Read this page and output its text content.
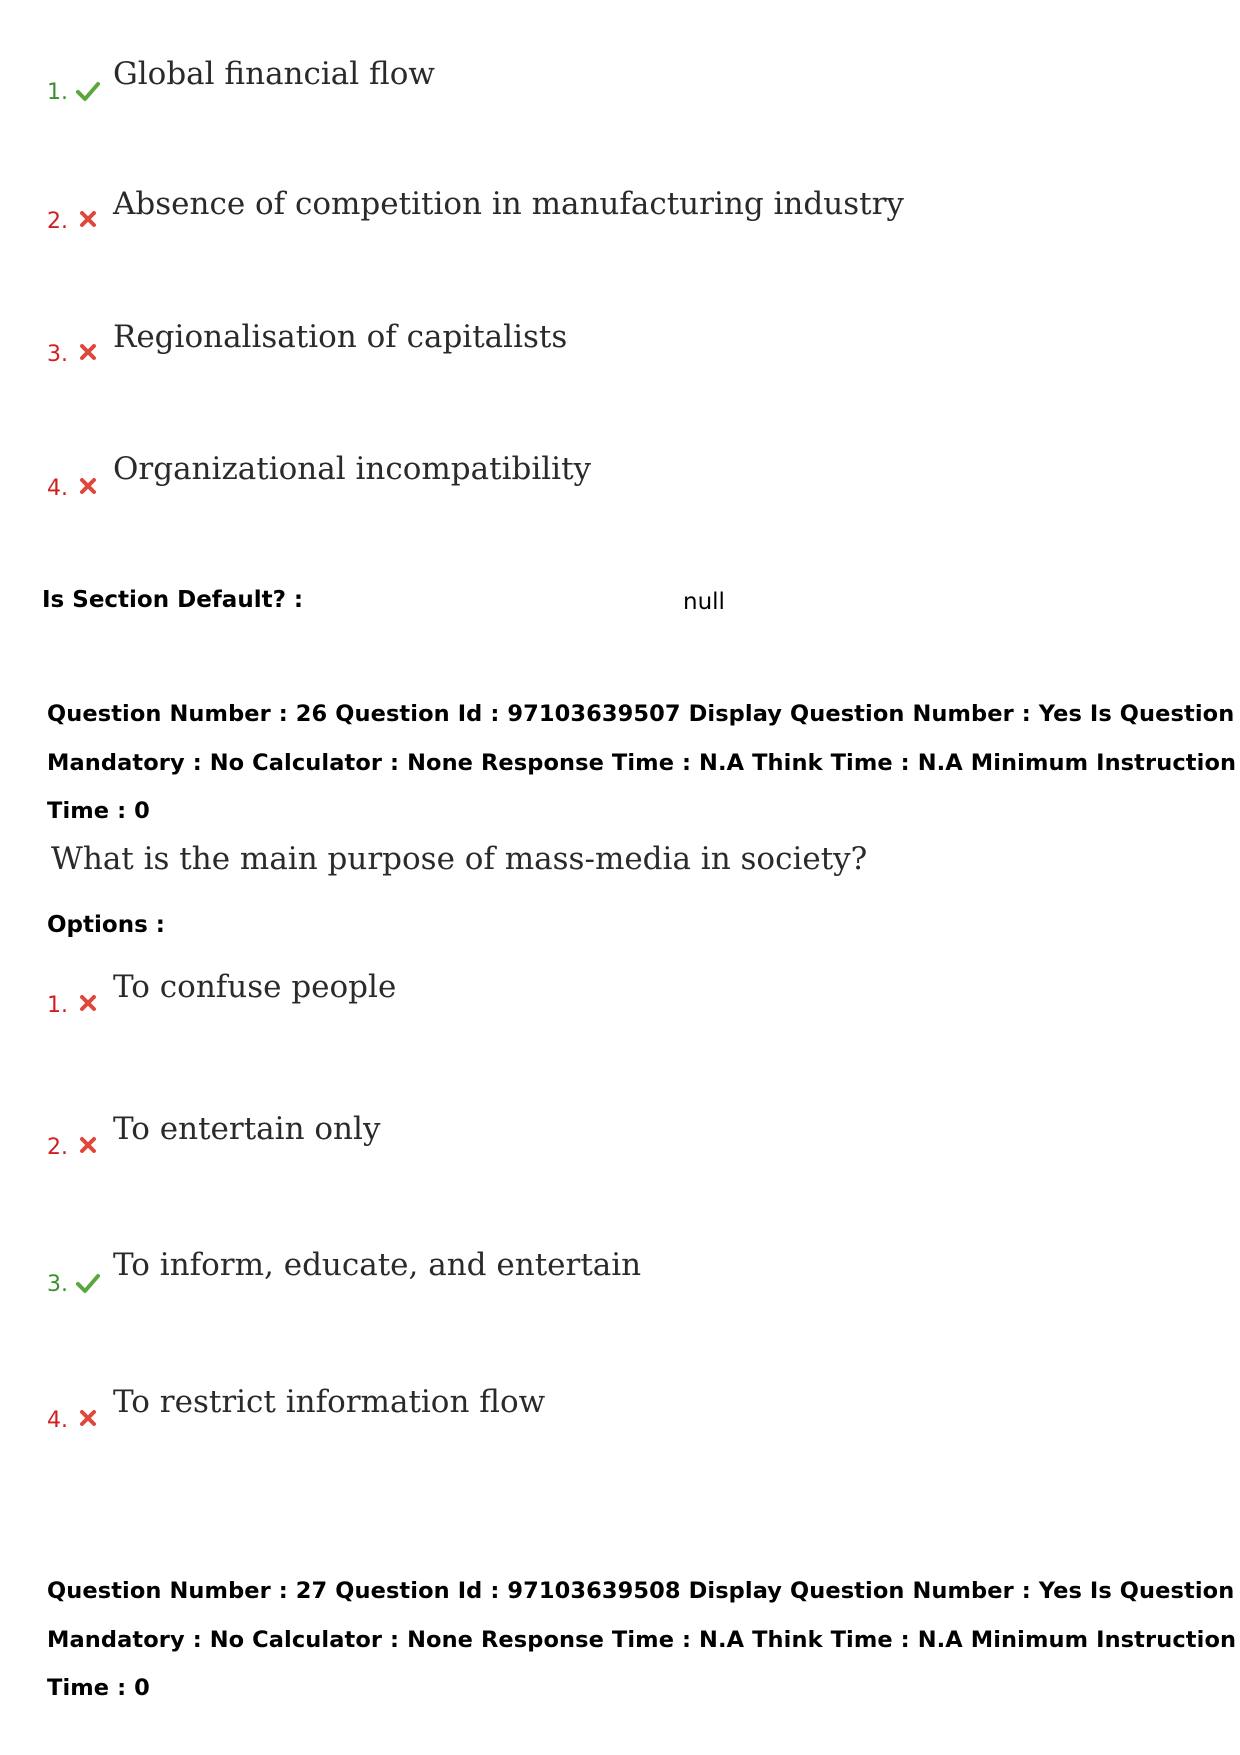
1.
Global financial flow
2. Absence of competition in manufacturing industry
3. Regionalisation of capitalists
4.
Organizational incompatibility
Is Section Default? :	null
Question Number : 26 Question Id : 97103639507 Display Question Number : Yes Is Question
Mandatory : No Calculator : None Response Time : N.A Think Time : N.A Minimum Instruction
Time : 0
What is the main purpose of mass-media in society?
Options :
1.
To confuse people
2.
To entertain only
3.
To inform, educate, and entertain
4.
To restrict information flow
Question Number : 27 Question Id : 97103639508 Display Question Number : Yes Is Question
Mandatory : No Calculator : None Response Time : N.A Think Time : N.A Minimum Instruction
Time : 0
